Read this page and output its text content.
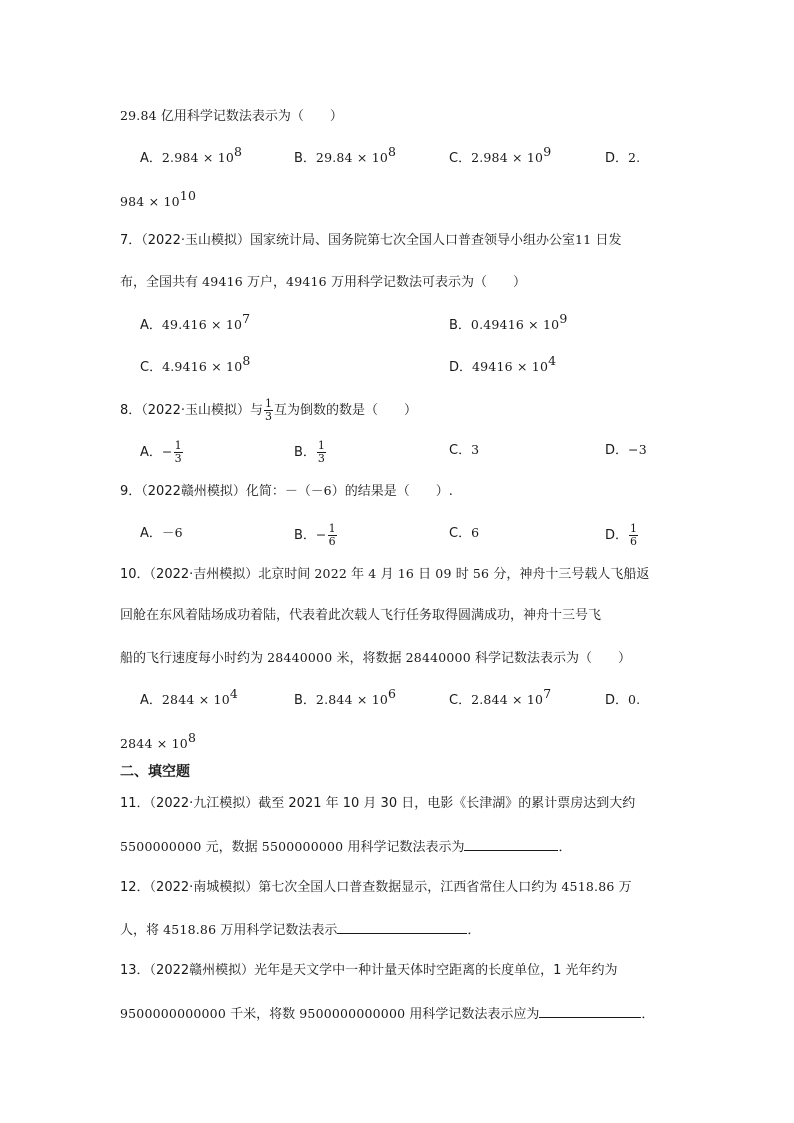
29.84 亿用科学记数法表示为（　　）
A．$2.984 \times 10^8$	B．$29.84 \times 10^8$	C．$2.984 \times 10^9$	D．2.
$984 \times 10^{10}$
7．（2022·玉山模拟）国家统计局、国务院第七次全国人口普查领导小组办公室11 日发
布，全国共有 49416 万户，49416 万用科学记数法可表示为（　　）
A．$49.416 \times 10^7$	B．$0.49416 \times 10^9$
C．$4.9416 \times 10^8$	D．$49416 \times 10^4$
8．（2022·玉山模拟）与 $\frac{1}{3}$ 互为倒数的数是（　　）
A．− $\frac{1}{3}$	B． $\frac{1}{3}$	C．3	D．−3
9．（2022赣州模拟）化简：－（－6）的结果是（　　）.
A．－6	B．− $\frac{1}{6}$	C．6	D． $\frac{1}{6}$
10．（2022·吉州模拟）北京时间 2022 年 4 月 16 日 09 时 56 分，神舟十三号载人飞船返
回舱在东风着陆场成功着陆，代表着此次载人飞行任务取得圆满成功，神舟十三号飞
船的飞行速度每小时约为 28440000 米，将数据 28440000 科学记数法表示为（　　）
A．$2844 \times 10^4$	B．$2.844 \times 10^6$	C．$2.844 \times 10^7$	D．0.
$2844 \times 10^8$
二、填空题
11．（2022·九江模拟）截至 2021 年 10 月 30 日，电影《长津湖》的累计票房达到大约
5500000000 元，数据 5500000000 用科学记数法表示为	．
12．（2022·南城模拟）第七次全国人口普查数据显示，江西省常住人口约为 4518.86 万
人，将 4518.86 万用科学记数法表示	．
13．（2022赣州模拟）光年是天文学中一种计量天体时空距离的长度单位，1 光年约为
9500000000000 千米，将数 9500000000000 用科学记数法表示应为	．
